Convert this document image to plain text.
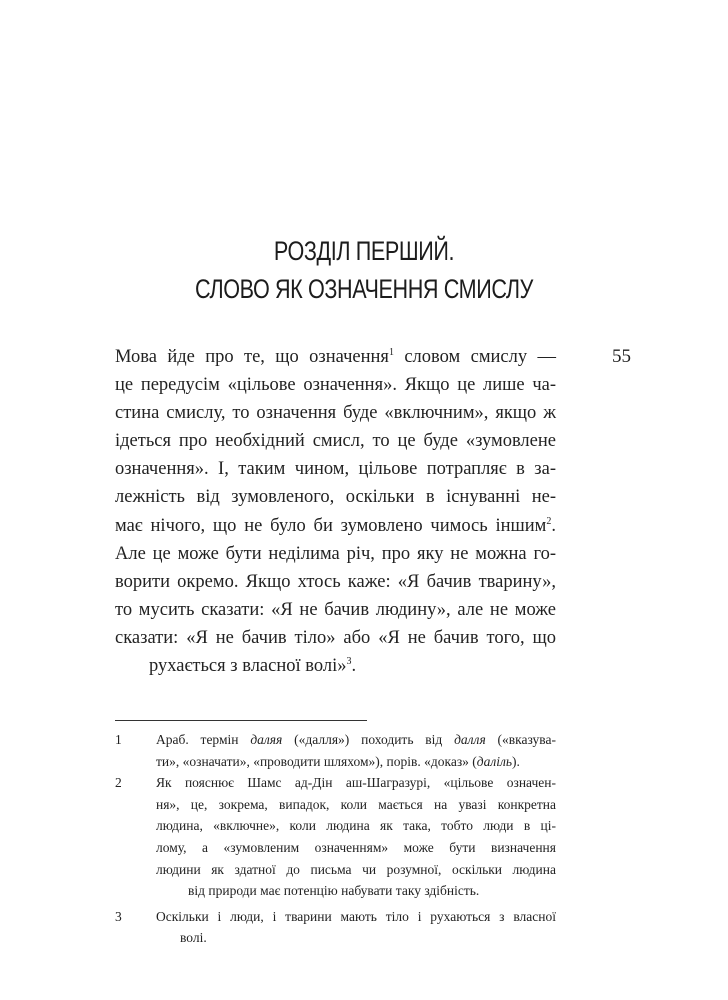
РОЗДІЛ ПЕРШИЙ.
СЛОВО ЯК ОЗНАЧЕННЯ СМИСЛУ
55
Мова йде про те, що означення$^1$ словом смислу —
це передусім «цільове означення». Якщо це лише ча-
стина смислу, то означення буде «включним», якщо ж
ідеться про необхідний смисл, то це буде «зумовлене
означення». І, таким чином, цільове потрапляє в за-
лежність від зумовленого, оскільки в існуванні не-
має нічого, що не було би зумовлено чимось іншим$^2$.
Але це може бути неділима річ, про яку не можна го-
ворити окремо. Якщо хтось каже: «Я бачив тварину»,
то мусить сказати: «Я не бачив людину», але не може
сказати: «Я не бачив тіло» або «Я не бачив того, що
рухається з власної волі»$^3$.
1	Араб. термін даляя («далля») походить від далля («вказува-
ти», «означати», «проводити шляхом»), порів. «доказ» (далiль).
2	Як пояснює Шамс ад-Дін аш-Шагразурі, «цільове означен-
ня», це, зокрема, випадок, коли мається на увазі конкретна
людина, «включне», коли людина як така, тобто люди в ці-
лому, а «зумовленим означенням» може бути визначення
людини як здатної до письма чи розумної, оскільки людина
від природи має потенцію набувати таку здібність.
3	Оскільки і люди, і тварини мають тіло і рухаються з власної
волі.
